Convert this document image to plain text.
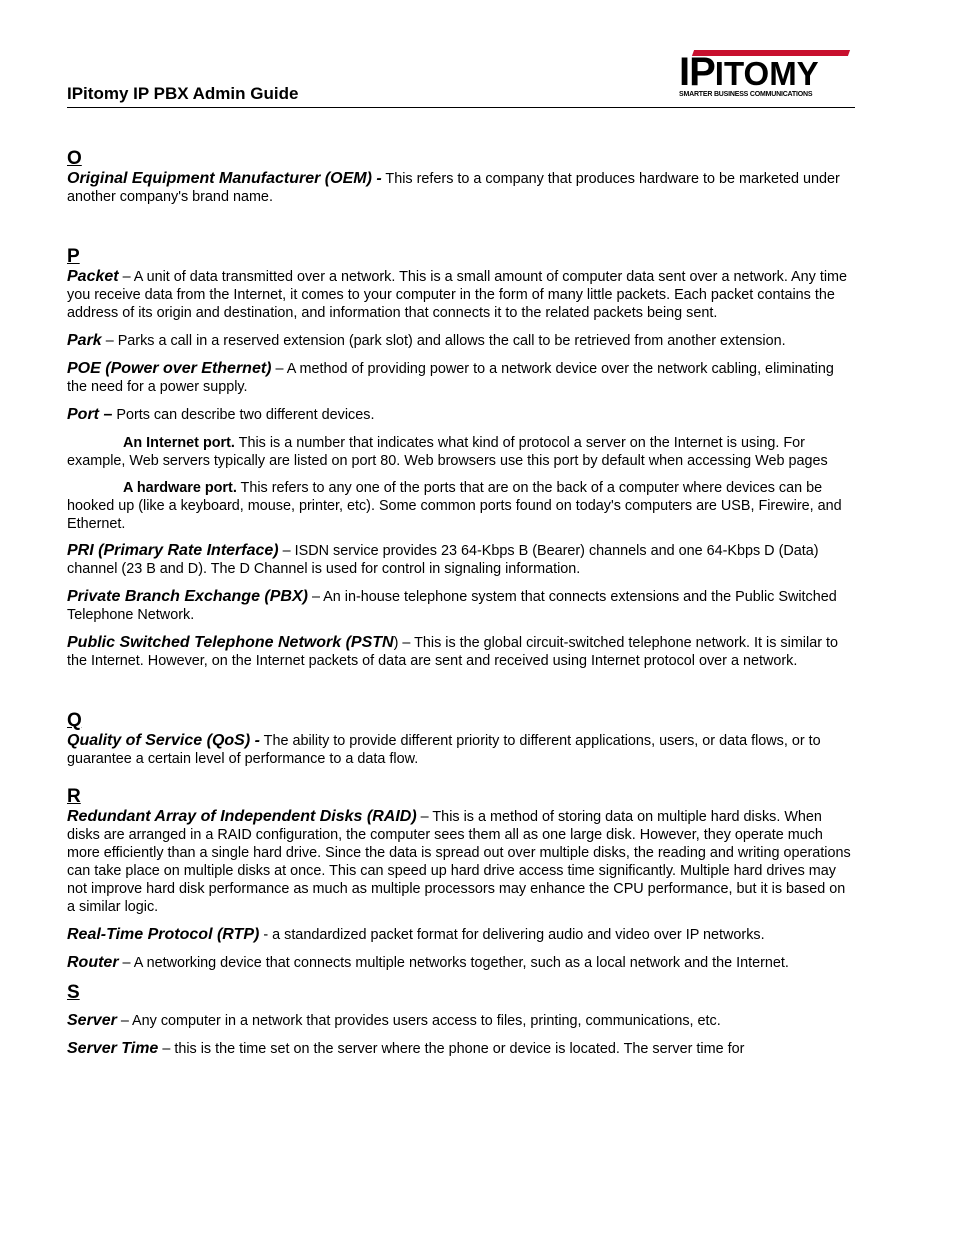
IPitomy IP PBX Admin Guide	IPITOMY
SMARTER BUSINESS COMMUNICATIONS

O

Original Equipment Manufacturer (OEM) - This refers to a company that produces hardware to be marketed under another company's brand name.

P

Packet – A unit of data transmitted over a network. This is a small amount of computer data sent over a network. Any time you receive data from the Internet, it comes to your computer in the form of many little packets. Each packet contains the address of its origin and destination, and information that connects it to the related packets being sent.

Park – Parks a call in a reserved extension (park slot) and allows the call to be retrieved from another extension.

POE (Power over Ethernet) – A method of providing power to a network device over the network cabling, eliminating the need for a power supply.

Port – Ports can describe two different devices.

An Internet port. This is a number that indicates what kind of protocol a server on the Internet is using. For example, Web servers typically are listed on port 80. Web browsers use this port by default when accessing Web pages

A hardware port. This refers to any one of the ports that are on the back of a computer where devices can be hooked up (like a keyboard, mouse, printer, etc). Some common ports found on today's computers are USB, Firewire, and Ethernet.

PRI (Primary Rate Interface) – ISDN service provides 23 64-Kbps B (Bearer) channels and one 64-Kbps D (Data) channel (23 B and D). The D Channel is used for control in signaling information.

Private Branch Exchange (PBX) – An in-house telephone system that connects extensions and the Public Switched Telephone Network.

Public Switched Telephone Network (PSTN) – This is the global circuit-switched telephone network. It is similar to the Internet. However, on the Internet packets of data are sent and received using Internet protocol over a network.

Q

Quality of Service (QoS) - The ability to provide different priority to different applications, users, or data flows, or to guarantee a certain level of performance to a data flow.

R

Redundant Array of Independent Disks (RAID) – This is a method of storing data on multiple hard disks. When disks are arranged in a RAID configuration, the computer sees them all as one large disk. However, they operate much more efficiently than a single hard drive. Since the data is spread out over multiple disks, the reading and writing operations can take place on multiple disks at once. This can speed up hard drive access time significantly. Multiple hard drives may not improve hard disk performance as much as multiple processors may enhance the CPU performance, but it is based on a similar logic.

Real-Time Protocol (RTP) - a standardized packet format for delivering audio and video over IP networks.

Router – A networking device that connects multiple networks together, such as a local network and the Internet.

S

Server – Any computer in a network that provides users access to files, printing, communications, etc.

Server Time – this is the time set on the server where the phone or device is located. The server time for
